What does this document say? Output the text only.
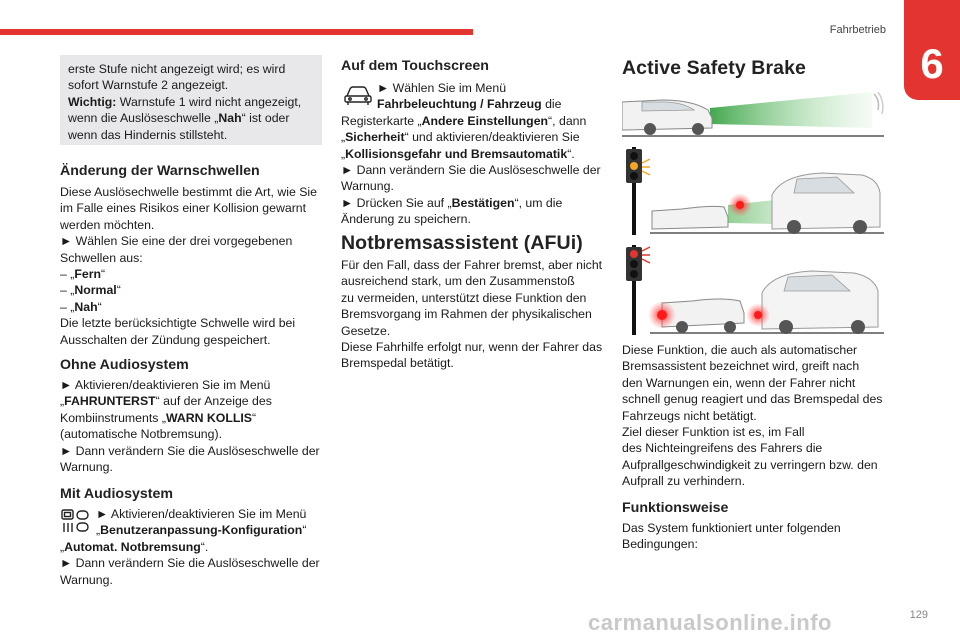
Fahrbetrieb
6
erste Stufe nicht angezeigt wird; es wird
sofort Warnstufe 2 angezeigt.
Wichtig: Warnstufe 1 wird nicht angezeigt,
wenn die Auslöseschwelle „Nah“ ist oder
wenn das Hindernis stillsteht.
Änderung der Warnschwellen
Diese Auslösechwelle bestimmt die Art, wie Sie
im Falle eines Risikos einer Kollision gewarnt
werden möchten.
► Wählen Sie eine der drei vorgegebenen
Schwellen aus:
– „Fern“
– „Normal“
– „Nah“
Die letzte berücksichtigte Schwelle wird bei
Ausschalten der Zündung gespeichert.
Ohne Audiosystem
► Aktivieren/deaktivieren Sie im Menü
„FAHRUNTERST“ auf der Anzeige des
Kombiinstruments „WARN KOLLIS“
(automatische Notbremsung).
► Dann verändern Sie die Auslöseschwelle der
Warnung.
Mit Audiosystem
► Aktivieren/deaktivieren Sie im Menü
„Benutzeranpassung-Konfiguration“
„Automat. Notbremsung“.
► Dann verändern Sie die Auslöseschwelle der
Warnung.
Auf dem Touchscreen
► Wählen Sie im Menü
Fahrbeleuchtung / Fahrzeug die
Registerkarte „Andere Einstellungen“, dann
„Sicherheit“ und aktivieren/deaktivieren Sie
„Kollisionsgefahr und Bremsautomatik“.
► Dann verändern Sie die Auslöseschwelle der
Warnung.
► Drücken Sie auf „Bestätigen“, um die
Änderung zu speichern.
Notbremsassistent (AFUi)
Für den Fall, dass der Fahrer bremst, aber nicht
ausreichend stark, um den Zusammenstoß
zu vermeiden, unterstützt diese Funktion den
Bremsvorgang im Rahmen der physikalischen
Gesetze.
Diese Fahrhilfe erfolgt nur, wenn der Fahrer das
Bremspedal betätigt.
Active Safety Brake
Diese Funktion, die auch als automatischer
Bremsassistent bezeichnet wird, greift nach
den Warnungen ein, wenn der Fahrer nicht
schnell genug reagiert und das Bremspedal des
Fahrzeugs nicht betätigt.
Ziel dieser Funktion ist es, im Fall
des Nichteingreifens des Fahrers die
Aufprallgeschwindigkeit zu verringern bzw. den
Aufprall zu verhindern.
Funktionsweise
Das System funktioniert unter folgenden
Bedingungen:
carmanualsonline.info	129
